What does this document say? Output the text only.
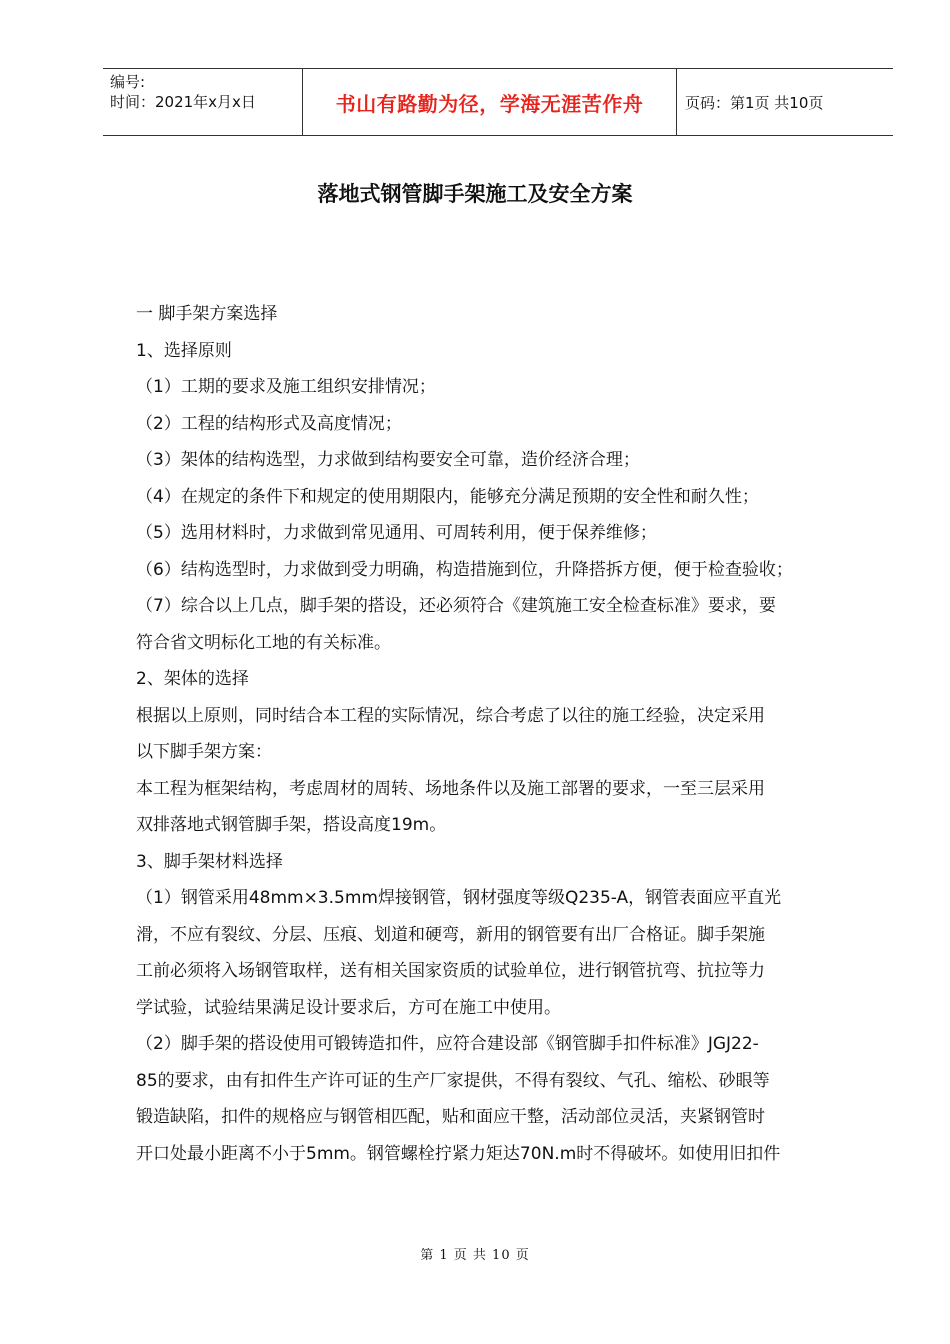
编号:
时间：2021年x月x日	书山有路勤为径，学海无涯苦作舟	页码：第1页 共10页
落地式钢管脚手架施工及安全方案

一 脚手架方案选择

1、选择原则

（1）工期的要求及施工组织安排情况；

（2）工程的结构形式及高度情况；

（3）架体的结构选型，力求做到结构要安全可靠，造价经济合理；

（4）在规定的条件下和规定的使用期限内，能够充分满足预期的安全性和耐久性；

（5）选用材料时，力求做到常见通用、可周转利用，便于保养维修；

（6）结构选型时，力求做到受力明确，构造措施到位，升降搭拆方便，便于检查验收；

（7）综合以上几点，脚手架的搭设，还必须符合《建筑施工安全检查标准》要求，要

符合省文明标化工地的有关标准。

2、架体的选择

根据以上原则，同时结合本工程的实际情况，综合考虑了以往的施工经验，决定采用

以下脚手架方案：

本工程为框架结构，考虑周材的周转、场地条件以及施工部署的要求，一至三层采用

双排落地式钢管脚手架，搭设高度19m。

3、脚手架材料选择

（1）钢管采用48mm×3.5mm焊接钢管，钢材强度等级Q235-A，钢管表面应平直光

滑，不应有裂纹、分层、压痕、划道和硬弯，新用的钢管要有出厂合格证。脚手架施

工前必须将入场钢管取样，送有相关国家资质的试验单位，进行钢管抗弯、抗拉等力

学试验，试验结果满足设计要求后，方可在施工中使用。

（2）脚手架的搭设使用可锻铸造扣件，应符合建设部《钢管脚手扣件标准》JGJ22-

85的要求，由有扣件生产许可证的生产厂家提供，不得有裂纹、气孔、缩松、砂眼等

锻造缺陷，扣件的规格应与钢管相匹配，贴和面应干整，活动部位灵活，夹紧钢管时

开口处最小距离不小于5mm。钢管螺栓拧紧力矩达70N.m时不得破坏。如使用旧扣件

第 1 页 共 10 页
